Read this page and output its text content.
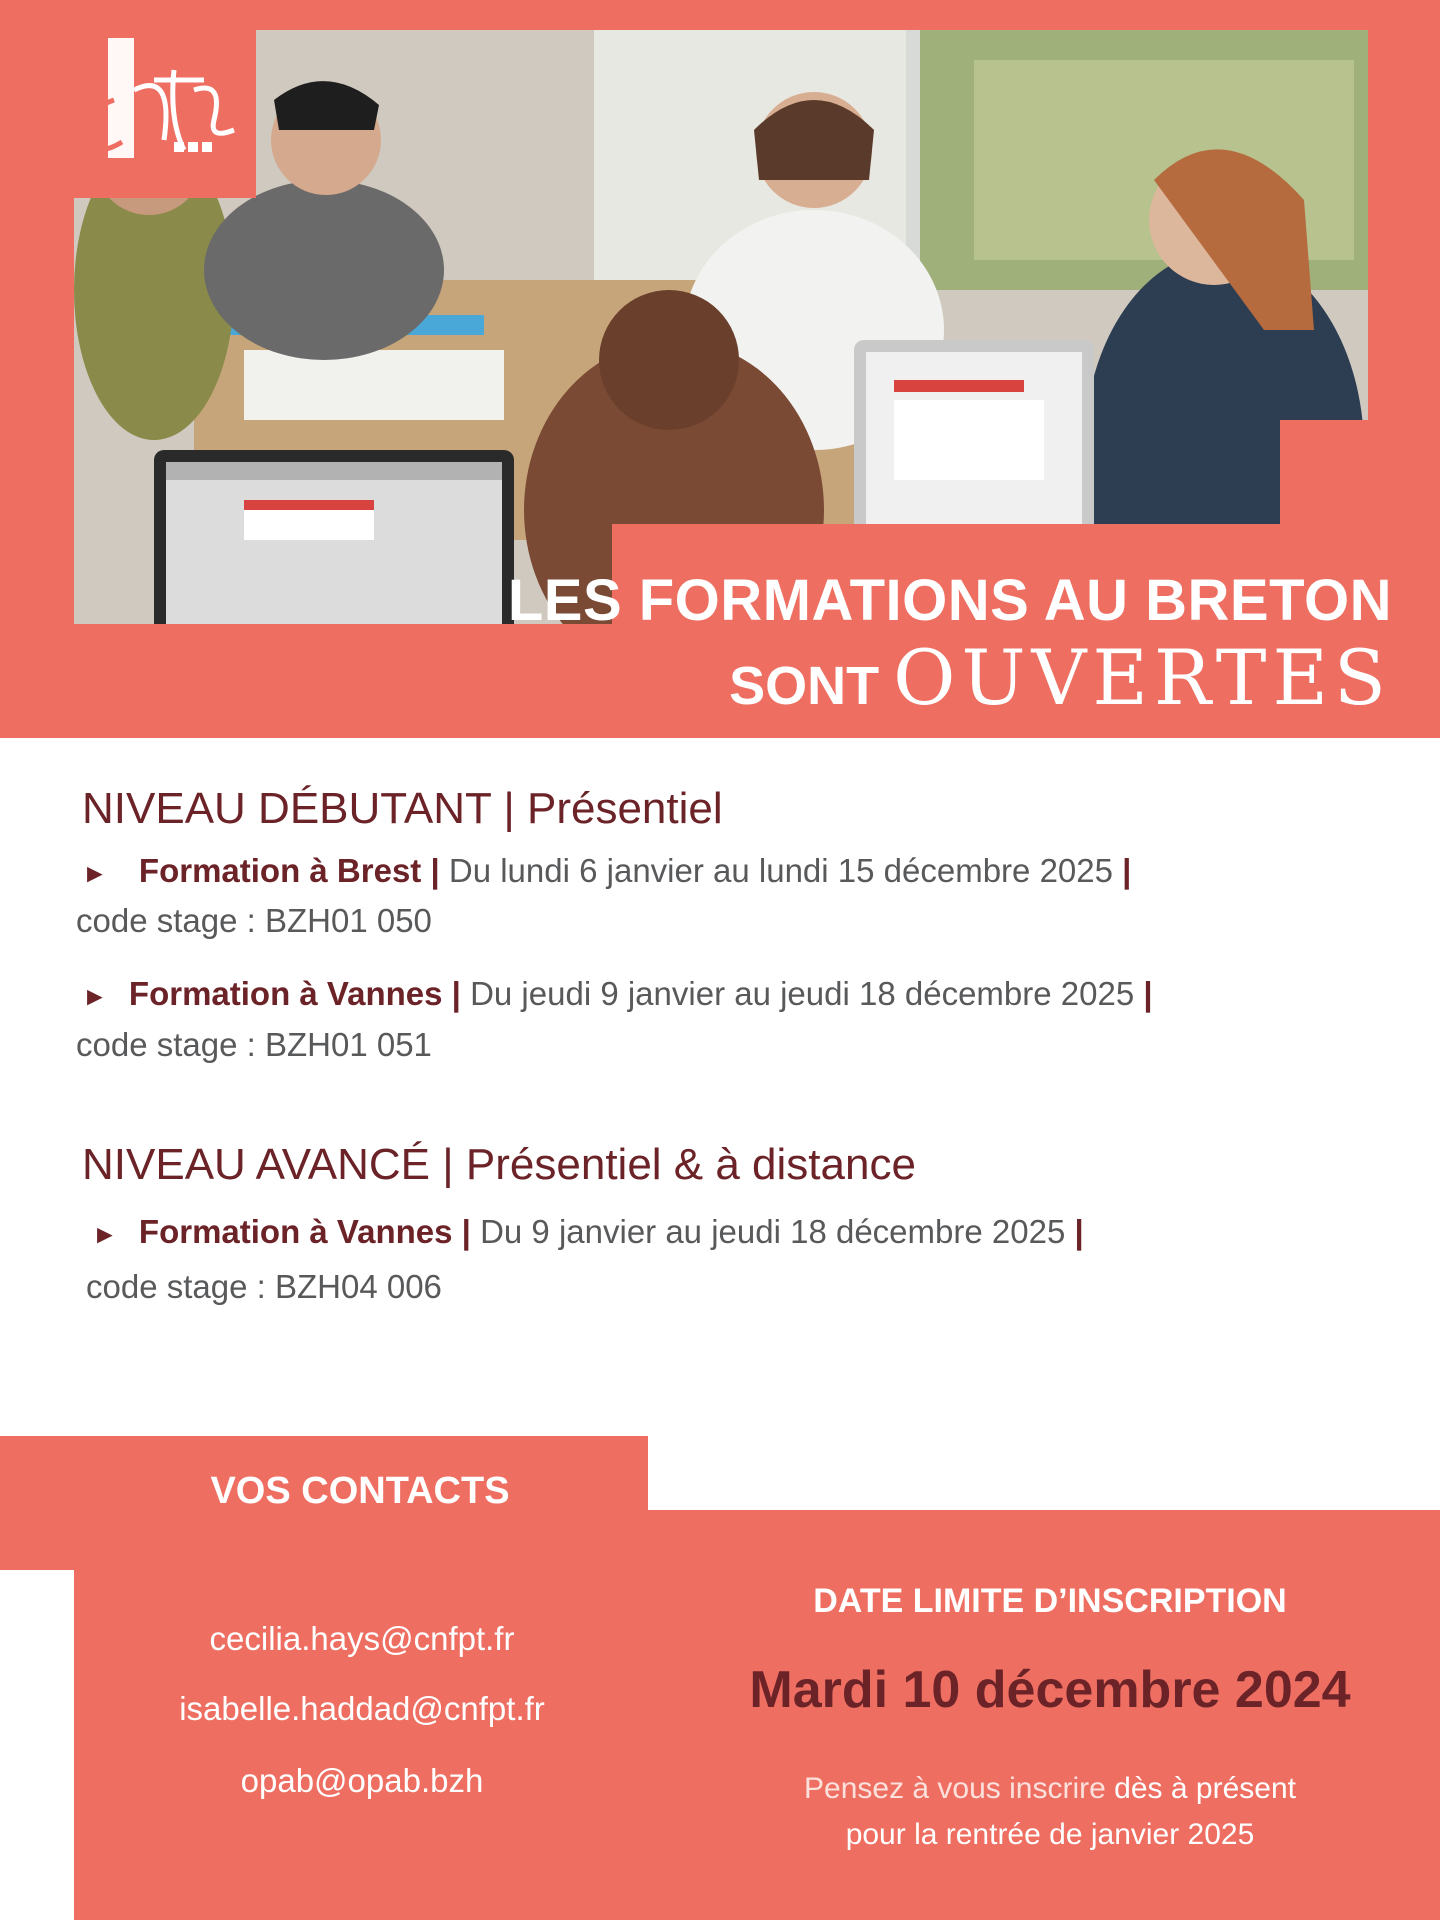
LES FORMATIONS AU BRETON
SONT OUVERTES
NIVEAU DÉBUTANT | Présentiel
► Formation à Brest | Du lundi 6 janvier au lundi 15 décembre 2025 |
code stage : BZH01 050
► Formation à Vannes | Du jeudi 9 janvier au jeudi 18 décembre 2025 |
code stage : BZH01 051
NIVEAU AVANCÉ | Présentiel & à distance
► Formation à Vannes | Du 9 janvier au jeudi 18 décembre 2025 |
code stage : BZH04 006
VOS CONTACTS
cecilia.hays@cnfpt.fr
isabelle.haddad@cnfpt.fr
opab@opab.bzh
DATE LIMITE D’INSCRIPTION
Mardi 10 décembre 2024
Pensez à vous inscrire dès à présent
pour la rentrée de janvier 2025
